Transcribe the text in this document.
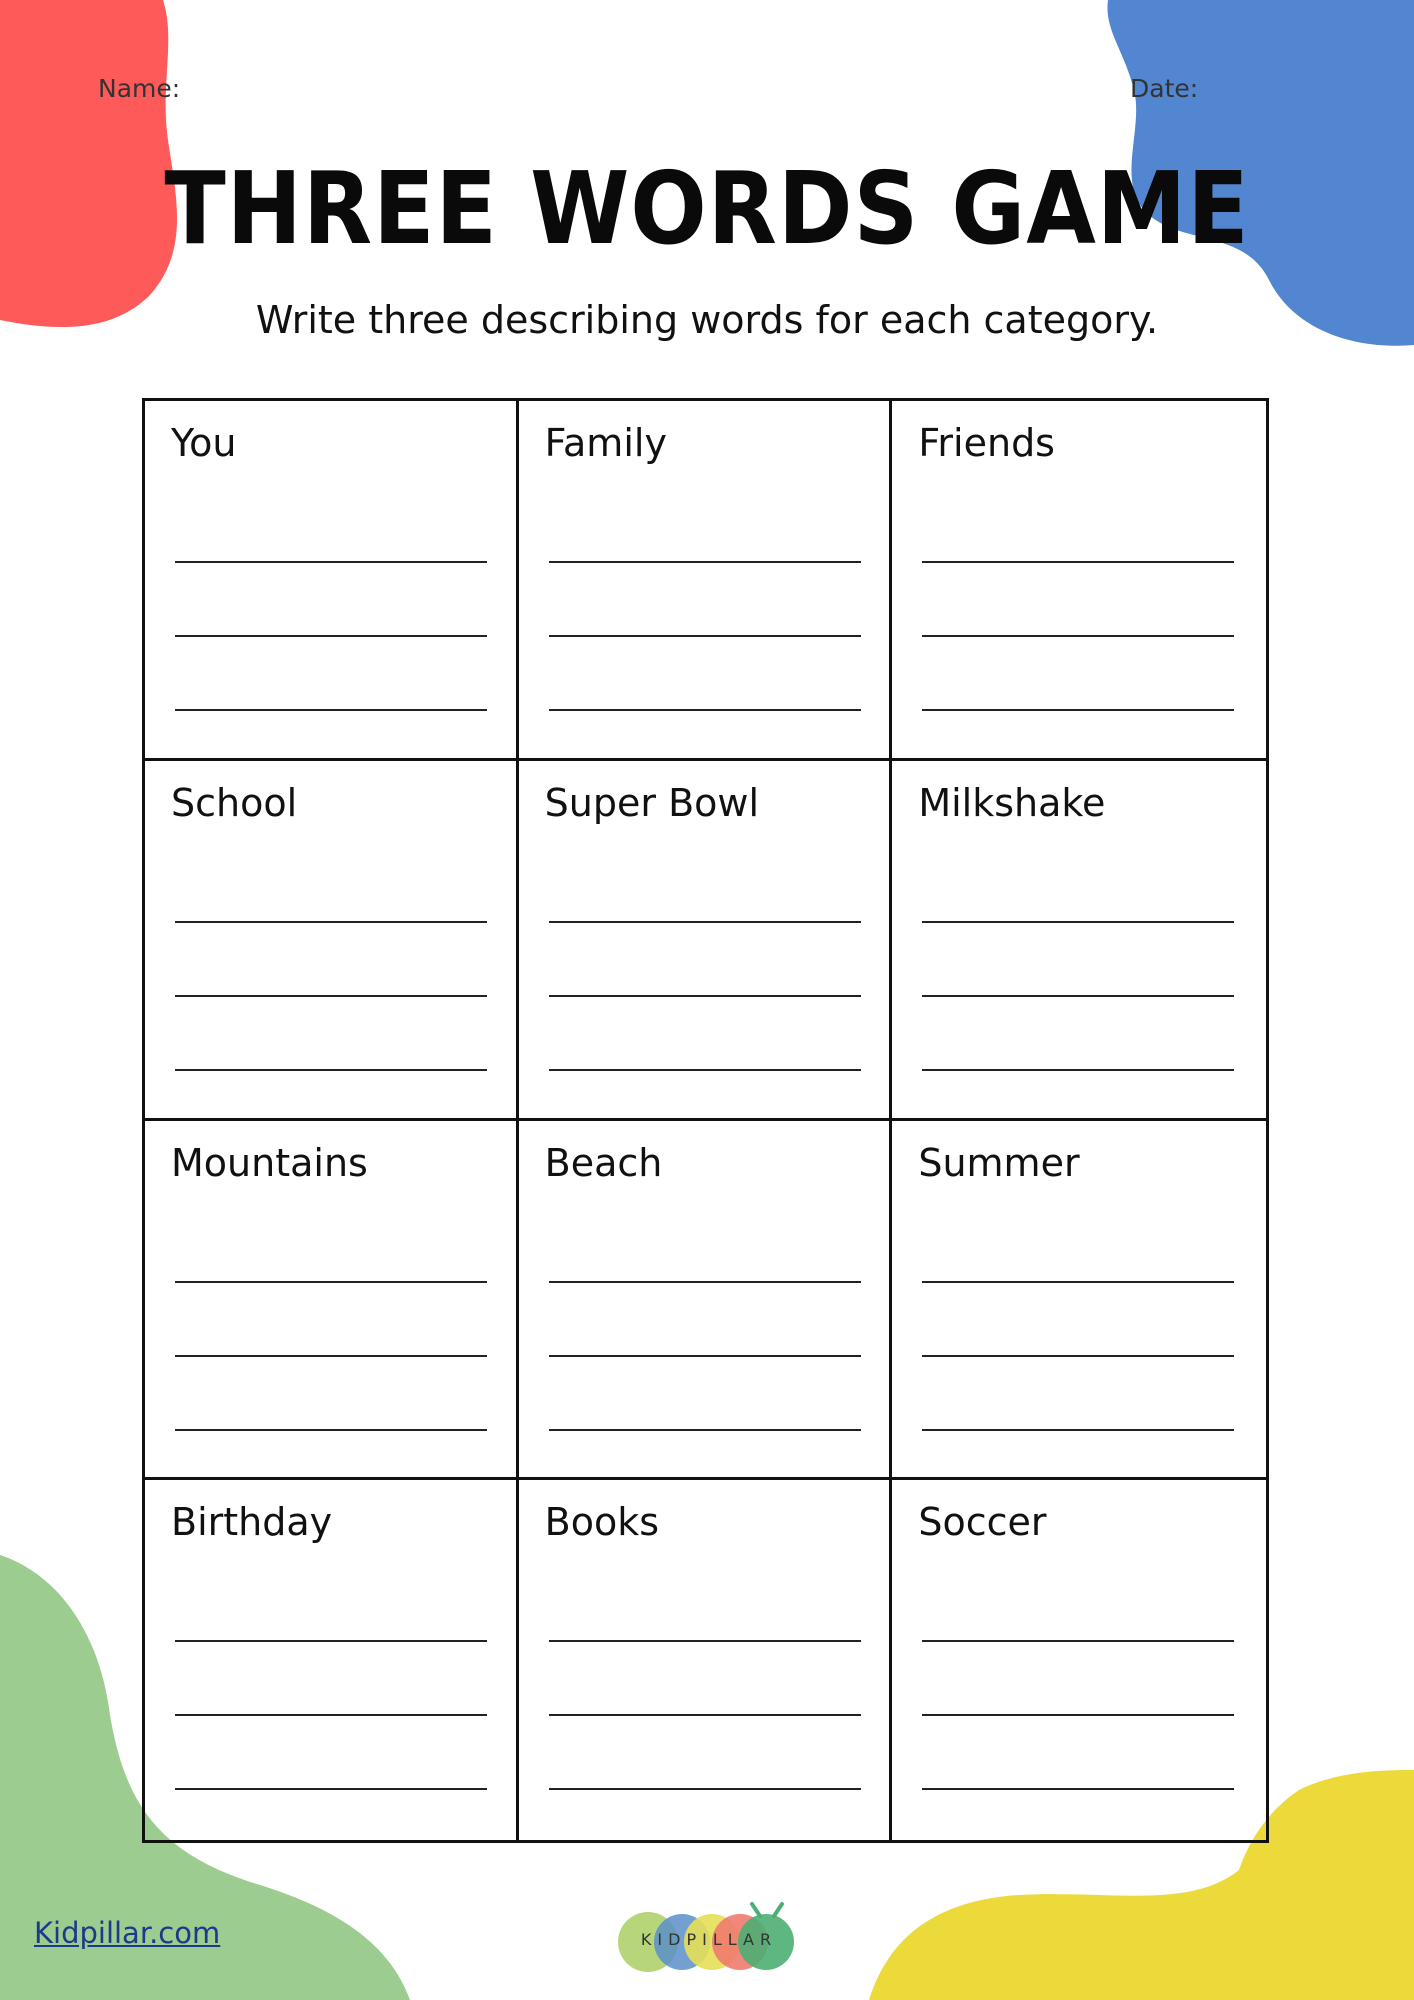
Name:	Date:
THREE WORDS GAME
Write three describing words for each category.
You	Family	Friends
School	Super Bowl	Milkshake
Mountains	Beach	Summer
Birthday	Books	Soccer
Kidpillar.com	KIDPILLAR
